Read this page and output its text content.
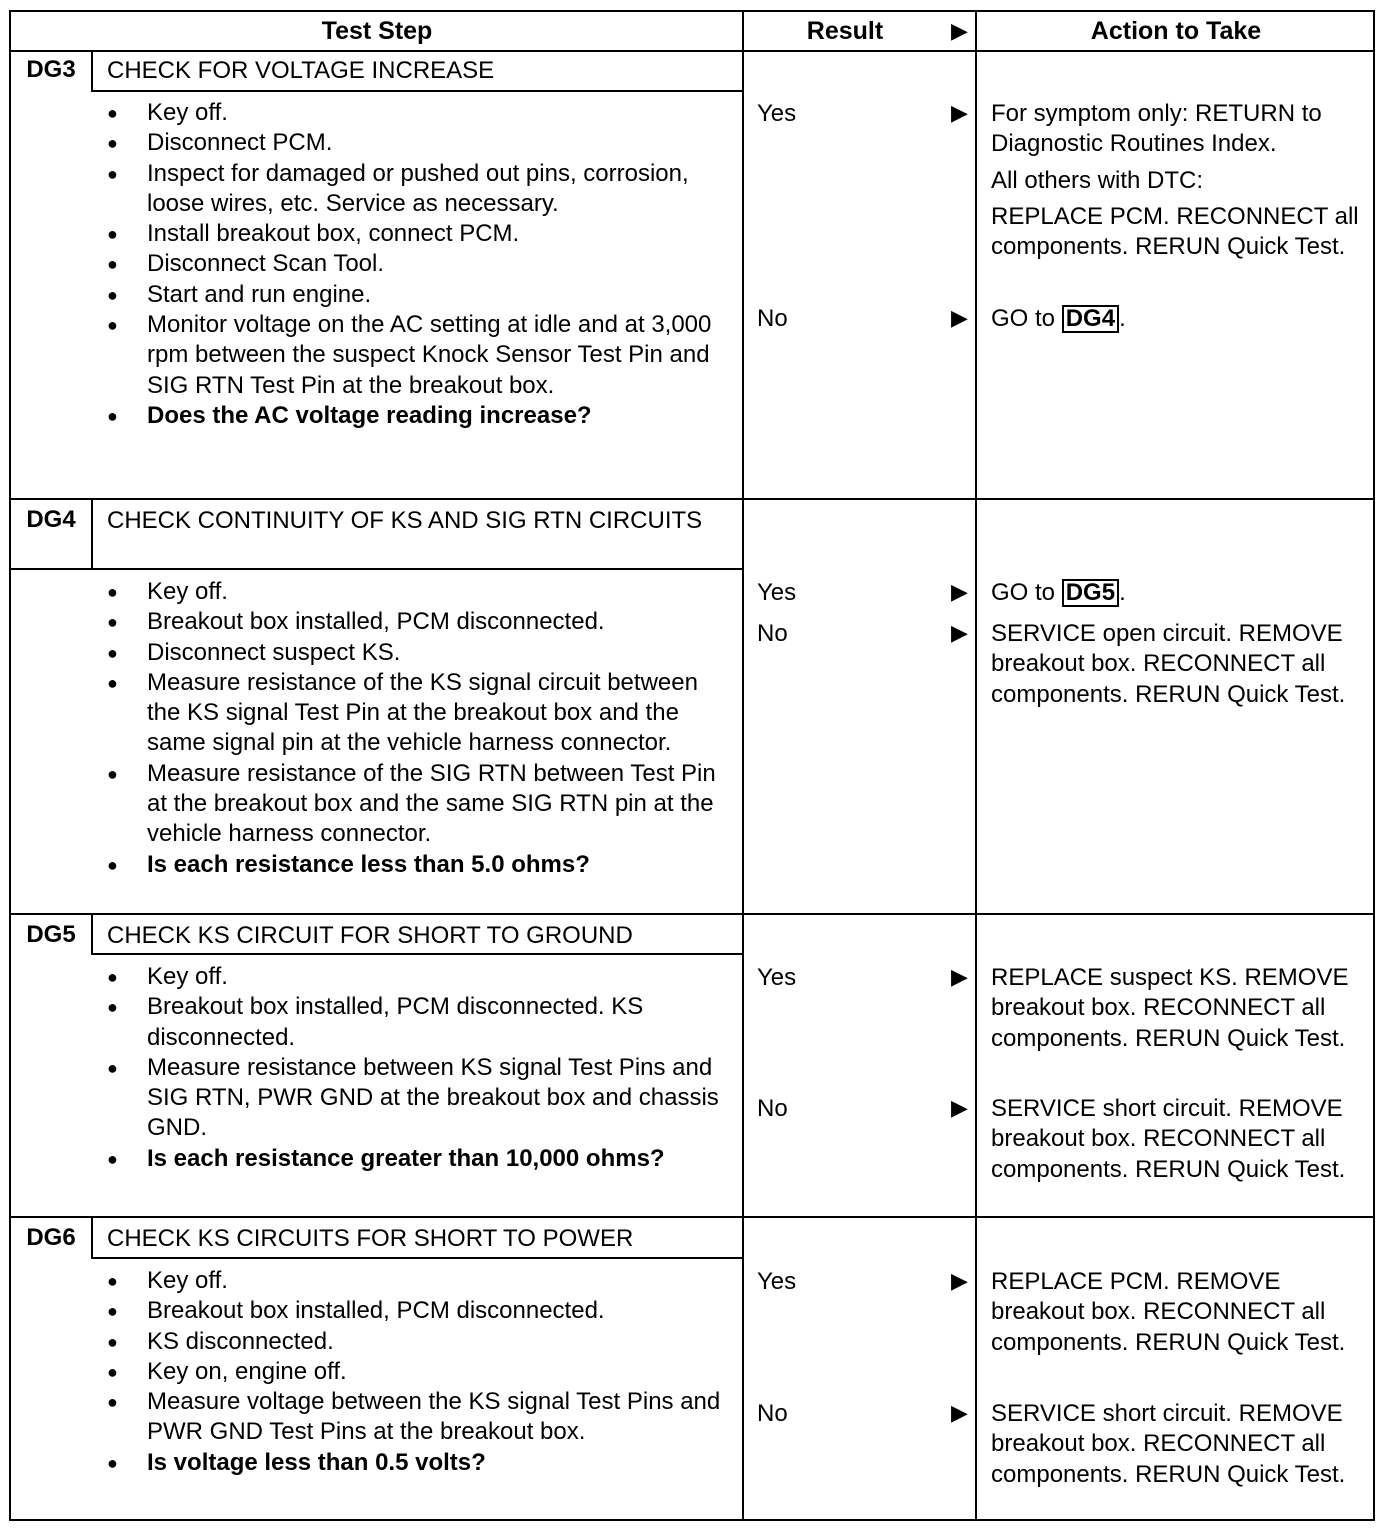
Test Step	Result	▶	Action to Take
DG3	CHECK FOR VOLTAGE INCREASE
● Key off.
● Disconnect PCM.
● Inspect for damaged or pushed out pins, corrosion, loose wires, etc. Service as necessary.
● Install breakout box, connect PCM.
● Disconnect Scan Tool.
● Start and run engine.
● Monitor voltage on the AC setting at idle and at 3,000 rpm between the suspect Knock Sensor Test Pin and SIG RTN Test Pin at the breakout box.
● Does the AC voltage reading increase?
Yes	▶ For symptom only: RETURN to Diagnostic Routines Index.

All others with DTC:

REPLACE PCM. RECONNECT all components. RERUN Quick Test.

No	▶ GO to DG4 .
DG4	CHECK CONTINUITY OF KS AND SIG RTN CIRCUITS
● Key off.
● Breakout box installed, PCM disconnected.
● Disconnect suspect KS.
● Measure resistance of the KS signal circuit between the KS signal Test Pin at the breakout box and the same signal pin at the vehicle harness connector.
● Measure resistance of the SIG RTN between Test Pin at the breakout box and the same SIG RTN pin at the vehicle harness connector.
● Is each resistance less than 5.0 ohms?
Yes	▶ GO to DG5 .
No	▶ SERVICE open circuit. REMOVE breakout box. RECONNECT all components. RERUN Quick Test.
DG5	CHECK KS CIRCUIT FOR SHORT TO GROUND
● Key off.
● Breakout box installed, PCM disconnected. KS disconnected.
● Measure resistance between KS signal Test Pins and SIG RTN, PWR GND at the breakout box and chassis GND.
● Is each resistance greater than 10,000 ohms?
Yes	▶ REPLACE suspect KS. REMOVE breakout box. RECONNECT all components. RERUN Quick Test.
No	▶ SERVICE short circuit. REMOVE breakout box. RECONNECT all components. RERUN Quick Test.
DG6	CHECK KS CIRCUITS FOR SHORT TO POWER
● Key off.
● Breakout box installed, PCM disconnected.
● KS disconnected.
● Key on, engine off.
● Measure voltage between the KS signal Test Pins and PWR GND Test Pins at the breakout box.
● Is voltage less than 0.5 volts?
Yes	▶ REPLACE PCM. REMOVE breakout box. RECONNECT all components. RERUN Quick Test.
No	▶ SERVICE short circuit. REMOVE breakout box. RECONNECT all components. RERUN Quick Test.
